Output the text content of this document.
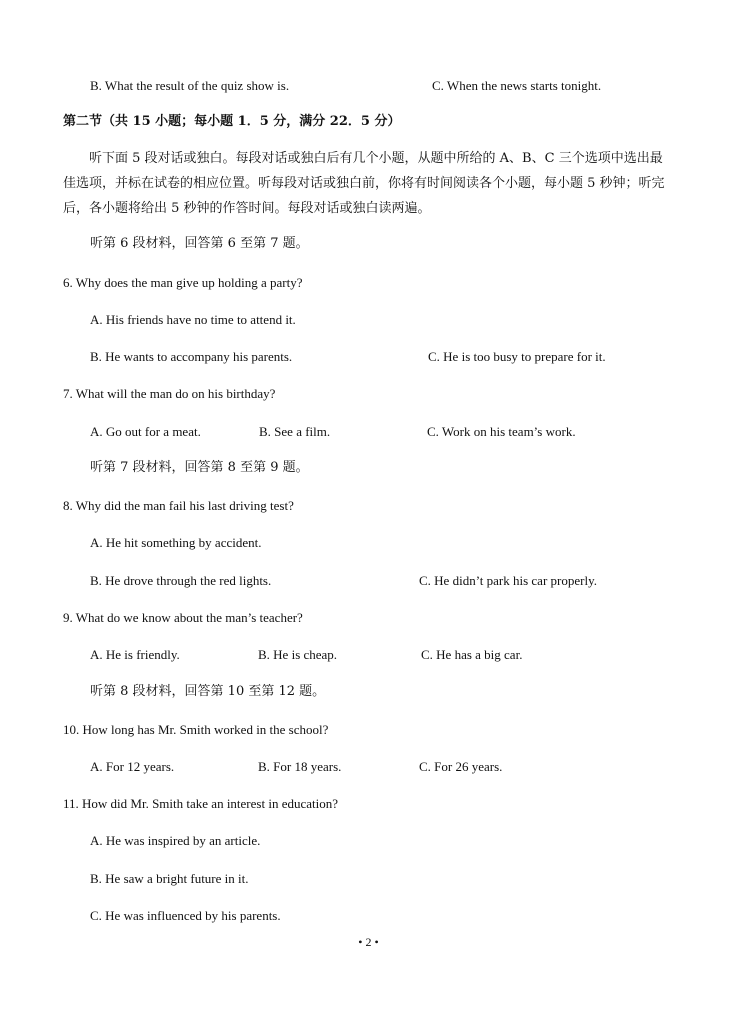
B. What the result of the quiz show is.	C. When the news starts tonight.
第二节（共 15 小题；每小题 1．5 分，满分 22．5 分）
听下面 5 段对话或独白。每段对话或独白后有几个小题，从题中所给的 A、B、C 三个选项中选出最佳选项，并标在试卷的相应位置。听每段对话或独白前，你将有时间阅读各个小题，每小题 5 秒钟；听完后，各小题将给出 5 秒钟的作答时间。每段对话或独白读两遍。
听第 6 段材料，回答第 6 至第 7 题。
6. Why does the man give up holding a party?
A. His friends have no time to attend it.
B. He wants to accompany his parents.	C. He is too busy to prepare for it.
7. What will the man do on his birthday?
A. Go out for a meat.	B. See a film.	C. Work on his team’s work.
听第 7 段材料，回答第 8 至第 9 题。
8. Why did the man fail his last driving test?
A. He hit something by accident.
B. He drove through the red lights.	C. He didn’t park his car properly.
9. What do we know about the man’s teacher?
A. He is friendly.	B. He is cheap.	C. He has a big car.
听第 8 段材料，回答第 10 至第 12 题。
10. How long has Mr. Smith worked in the school?
A. For 12 years.	B. For 18 years.	C. For 26 years.
11. How did Mr. Smith take an interest in education?
A. He was inspired by an article.
B. He saw a bright future in it.
C. He was influenced by his parents.
• 2 •
